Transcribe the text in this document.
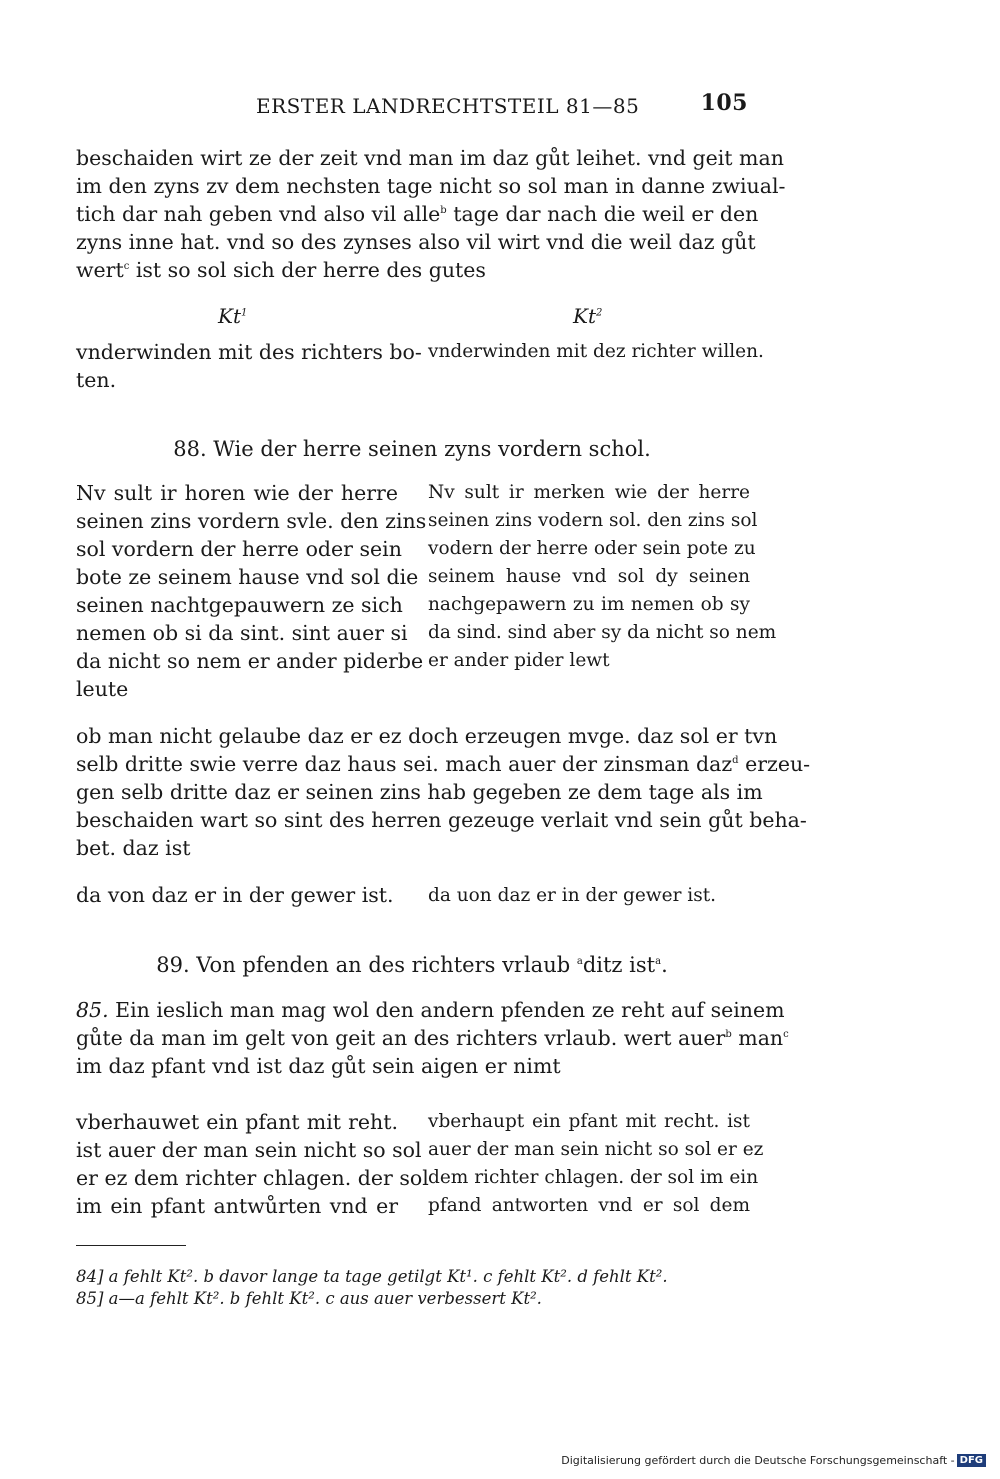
ERSTER LANDRECHTSTEIL 81—85	105
beschaiden wirt ze der zeit vnd man im daz gůt leihet. vnd geit man
im den zyns zv dem nechsten tage nicht so sol man in danne zwiual-
tich dar nah geben vnd also vil alle$^b$ tage dar nach die weil er den
zyns inne hat. vnd so des zynses also vil wirt vnd die weil daz gůt
wert$^c$ ist so sol sich der herre des gutes
Kt$^1$	Kt$^2$
vnderwinden mit des richters bo-
ten.
vnderwinden mit dez richter willen.
88. Wie der herre seinen zyns vordern schol.
Nv sult ir horen wie der herre
seinen zins vordern svle. den zins
sol vordern der herre oder sein
bote ze seinem hause vnd sol die
seinen nachtgepauwern ze sich
nemen ob si da sint. sint auer si
da nicht so nem er ander piderbe
leute
Nv sult ir merken wie der herre
seinen zins vodern sol. den zins sol
vodern der herre oder sein pote zu
seinem hause vnd sol dy seinen
nachgepawern zu im nemen ob sy
da sind. sind aber sy da nicht so nem
er ander pider lewt
ob man nicht gelaube daz er ez doch erzeugen mvge. daz sol er tvn
selb dritte swie verre daz haus sei. mach auer der zinsman daz$^d$ erzeu-
gen selb dritte daz er seinen zins hab gegeben ze dem tage als im
beschaiden wart so sint des herren gezeuge verlait vnd sein gůt beha-
bet. daz ist
da von daz er in der gewer ist. da uon daz er in der gewer ist.
89. Von pfenden an des richters vrlaub $^a$ditz ist$^a$.
85. Ein ieslich man mag wol den andern pfenden ze reht auf seinem
gůte da man im gelt von geit an des richters vrlaub. wert auer$^b$ man$^c$
im daz pfant vnd ist daz gůt sein aigen er nimt
vberhauwet ein pfant mit reht.
ist auer der man sein nicht so sol
er ez dem richter chlagen. der sol
im ein pfant antwůrten vnd er
vberhaupt ein pfant mit recht. ist
auer der man sein nicht so sol er ez
dem richter chlagen. der sol im ein
pfand antworten vnd er sol dem
84] a fehlt Kt². b davor lange ta tage getilgt Kt¹. c fehlt Kt². d fehlt Kt².
85] a—a fehlt Kt². b fehlt Kt². c aus auer verbessert Kt².
Digitalisierung gefördert durch die Deutsche Forschungsgemeinschaft - DFG
